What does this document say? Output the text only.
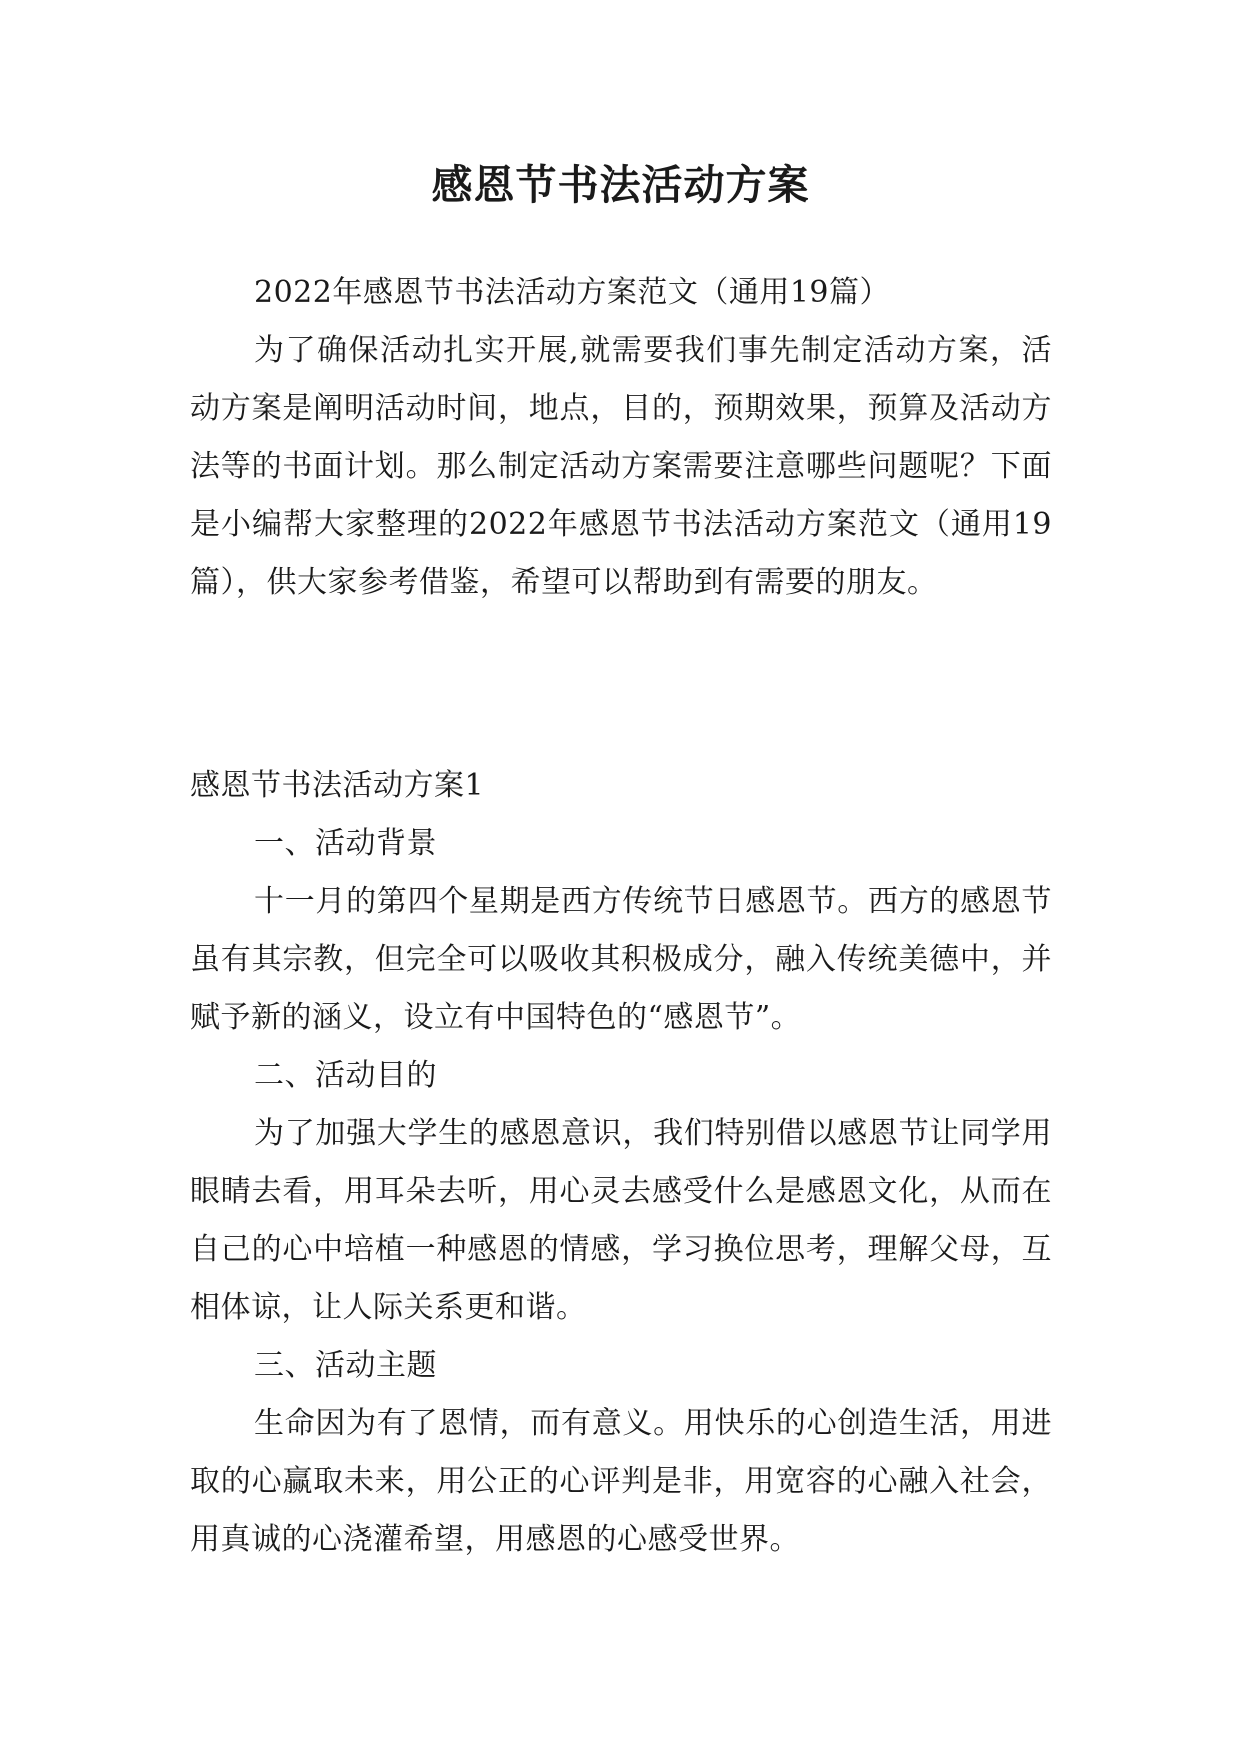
感恩节书法活动方案

2022年感恩节书法活动方案范文（通用19篇）

为了确保活动扎实开展,就需要我们事先制定活动方案，活动方案是阐明活动时间，地点，目的，预期效果，预算及活动方法等的书面计划。那么制定活动方案需要注意哪些问题呢？下面是小编帮大家整理的2022年感恩节书法活动方案范文（通用19篇），供大家参考借鉴，希望可以帮助到有需要的朋友。

感恩节书法活动方案1

一、活动背景

十一月的第四个星期是西方传统节日感恩节。西方的感恩节虽有其宗教，但完全可以吸收其积极成分，融入传统美德中，并赋予新的涵义，设立有中国特色的“感恩节”。

二、活动目的

为了加强大学生的感恩意识，我们特别借以感恩节让同学用眼睛去看，用耳朵去听，用心灵去感受什么是感恩文化，从而在自己的心中培植一种感恩的情感，学习换位思考，理解父母，互相体谅，让人际关系更和谐。

三、活动主题

生命因为有了恩情，而有意义。用快乐的心创造生活，用进取的心赢取未来，用公正的心评判是非，用宽容的心融入社会，用真诚的心浇灌希望，用感恩的心感受世界。
